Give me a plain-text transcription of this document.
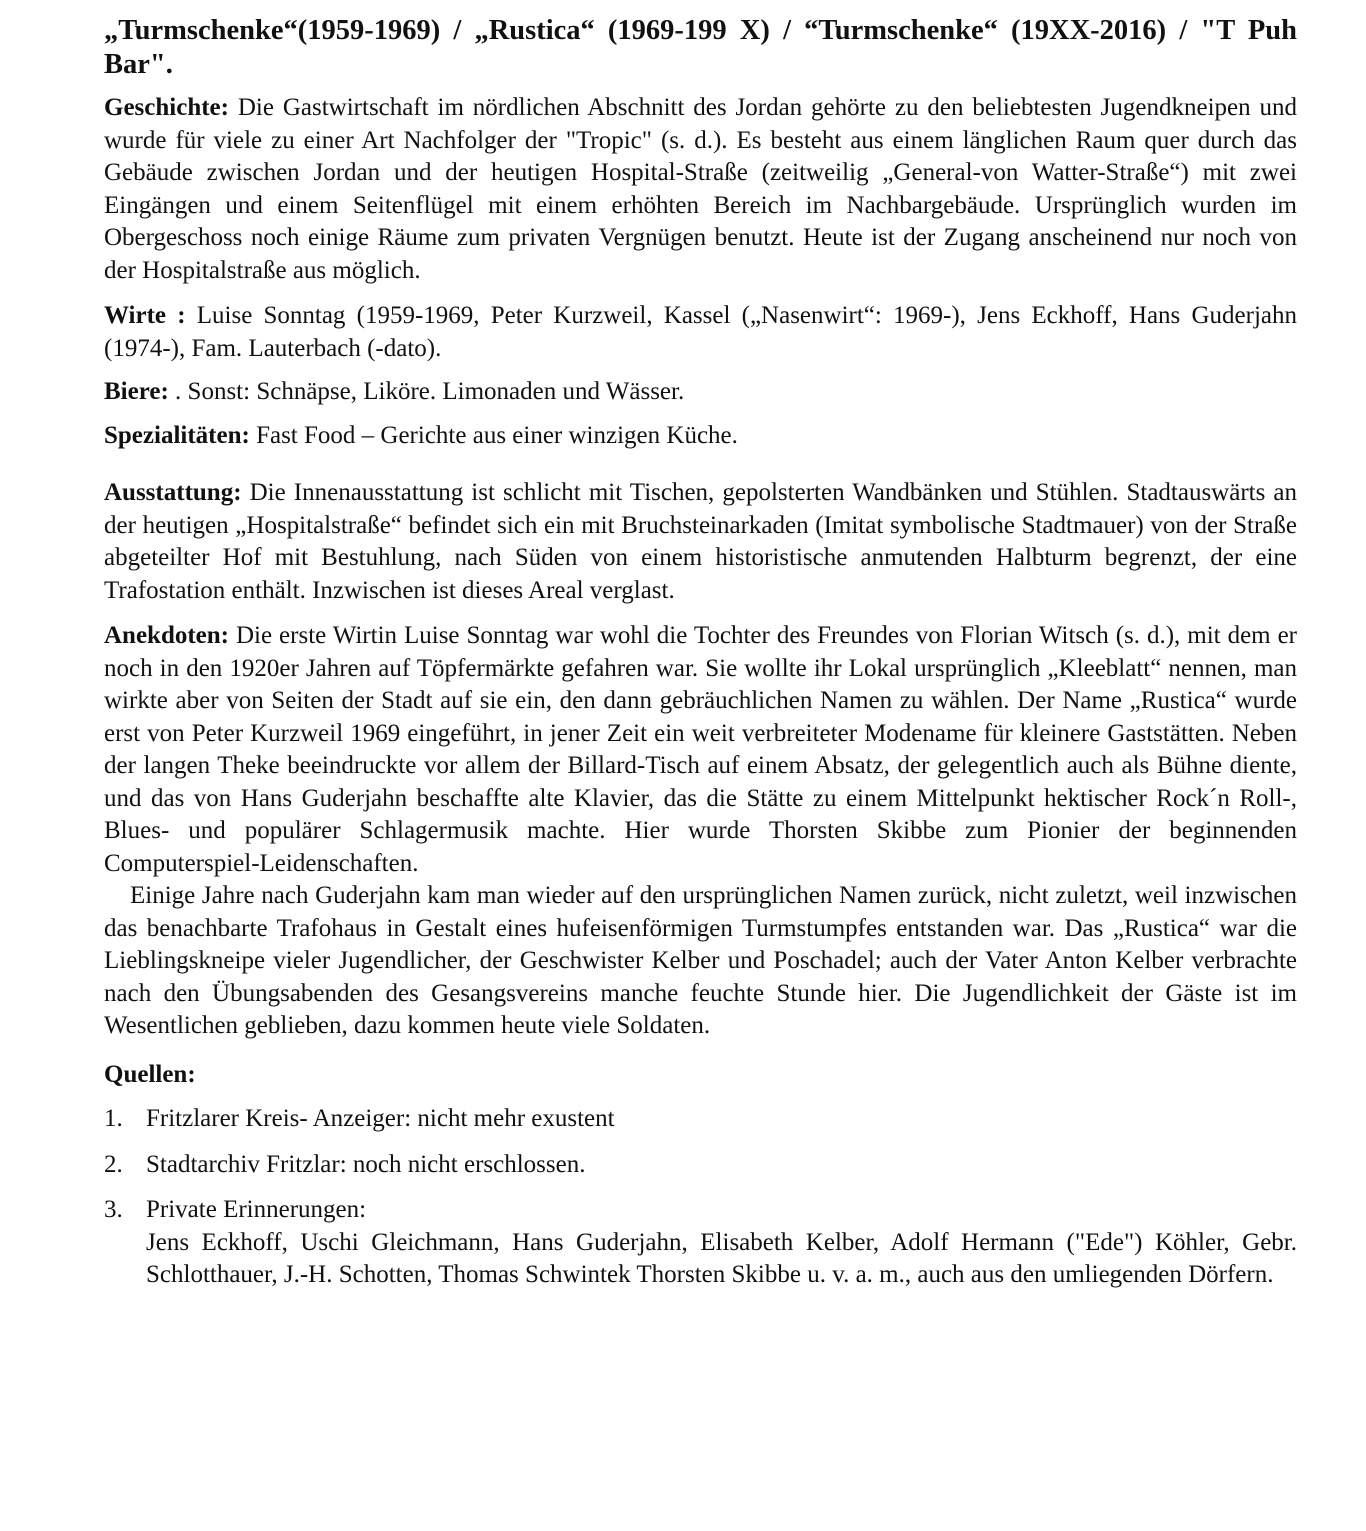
„Turmschenke“(1959-1969) / „Rustica“ (1969-199 X) / “Turmschenke“ (19XX-2016) / "T Puh Bar".

Geschichte: Die Gastwirtschaft im nördlichen Abschnitt des Jordan gehörte zu den beliebtesten Jugendkneipen und wurde für viele zu einer Art Nachfolger der "Tropic" (s. d.). Es besteht aus einem länglichen Raum quer durch das Gebäude zwischen Jordan und der heutigen Hospital-Straße (zeitweilig „General-von Watter-Straße“) mit zwei Eingängen und einem Seitenflügel mit einem erhöhten Bereich im Nachbargebäude. Ursprünglich wurden im Obergeschoss noch einige Räume zum privaten Vergnügen benutzt. Heute ist der Zugang anscheinend nur noch von der Hospitalstraße aus möglich.

Wirte : Luise Sonntag (1959-1969, Peter Kurzweil, Kassel („Nasenwirt“: 1969-), Jens Eckhoff, Hans Guderjahn (1974-), Fam. Lauterbach (-dato).

Biere: . Sonst: Schnäpse, Liköre. Limonaden und Wässer.

Spezialitäten: Fast Food – Gerichte aus einer winzigen Küche.

Ausstattung: Die Innenausstattung ist schlicht mit Tischen, gepolsterten Wandbänken und Stühlen. Stadtauswärts an der heutigen „Hospitalstraße“ befindet sich ein mit Bruchsteinarkaden (Imitat symbolische Stadtmauer) von der Straße abgeteilter Hof mit Bestuhlung, nach Süden von einem historistische anmutenden Halbturm begrenzt, der eine Trafostation enthält. Inzwischen ist dieses Areal verglast.

Anekdoten: Die erste Wirtin Luise Sonntag war wohl die Tochter des Freundes von Florian Witsch (s. d.), mit dem er noch in den 1920er Jahren auf Töpfermärkte gefahren war. Sie wollte ihr Lokal ursprünglich „Kleeblatt“ nennen, man wirkte aber von Seiten der Stadt auf sie ein, den dann gebräuchlichen Namen zu wählen. Der Name „Rustica“ wurde erst von Peter Kurzweil 1969 eingeführt, in jener Zeit ein weit verbreiteter Modename für kleinere Gaststätten. Neben der langen Theke beeindruckte vor allem der Billard-Tisch auf einem Absatz, der gelegentlich auch als Bühne diente, und das von Hans Guderjahn beschaffte alte Klavier, das die Stätte zu einem Mittelpunkt hektischer Rock´n Roll-, Blues- und populärer Schlagermusik machte. Hier wurde Thorsten Skibbe zum Pionier der beginnenden Computerspiel-Leidenschaften.

Einige Jahre nach Guderjahn kam man wieder auf den ursprünglichen Namen zurück, nicht zuletzt, weil inzwischen das benachbarte Trafohaus in Gestalt eines hufeisenförmigen Turmstumpfes entstanden war. Das „Rustica“ war die Lieblingskneipe vieler Jugendlicher, der Geschwister Kelber und Poschadel; auch der Vater Anton Kelber verbrachte nach den Übungsabenden des Gesangsvereins manche feuchte Stunde hier. Die Jugendlichkeit der Gäste ist im Wesentlichen geblieben, dazu kommen heute viele Soldaten.

Quellen:

1. Fritzlarer Kreis- Anzeiger: nicht mehr exustent
2. Stadtarchiv Fritzlar: noch nicht erschlossen.
3. Private Erinnerungen:
Jens Eckhoff, Uschi Gleichmann, Hans Guderjahn, Elisabeth Kelber, Adolf Hermann ("Ede") Köhler, Gebr. Schlotthauer, J.-H. Schotten, Thomas Schwintek Thorsten Skibbe u. v. a. m., auch aus den umliegenden Dörfern.
